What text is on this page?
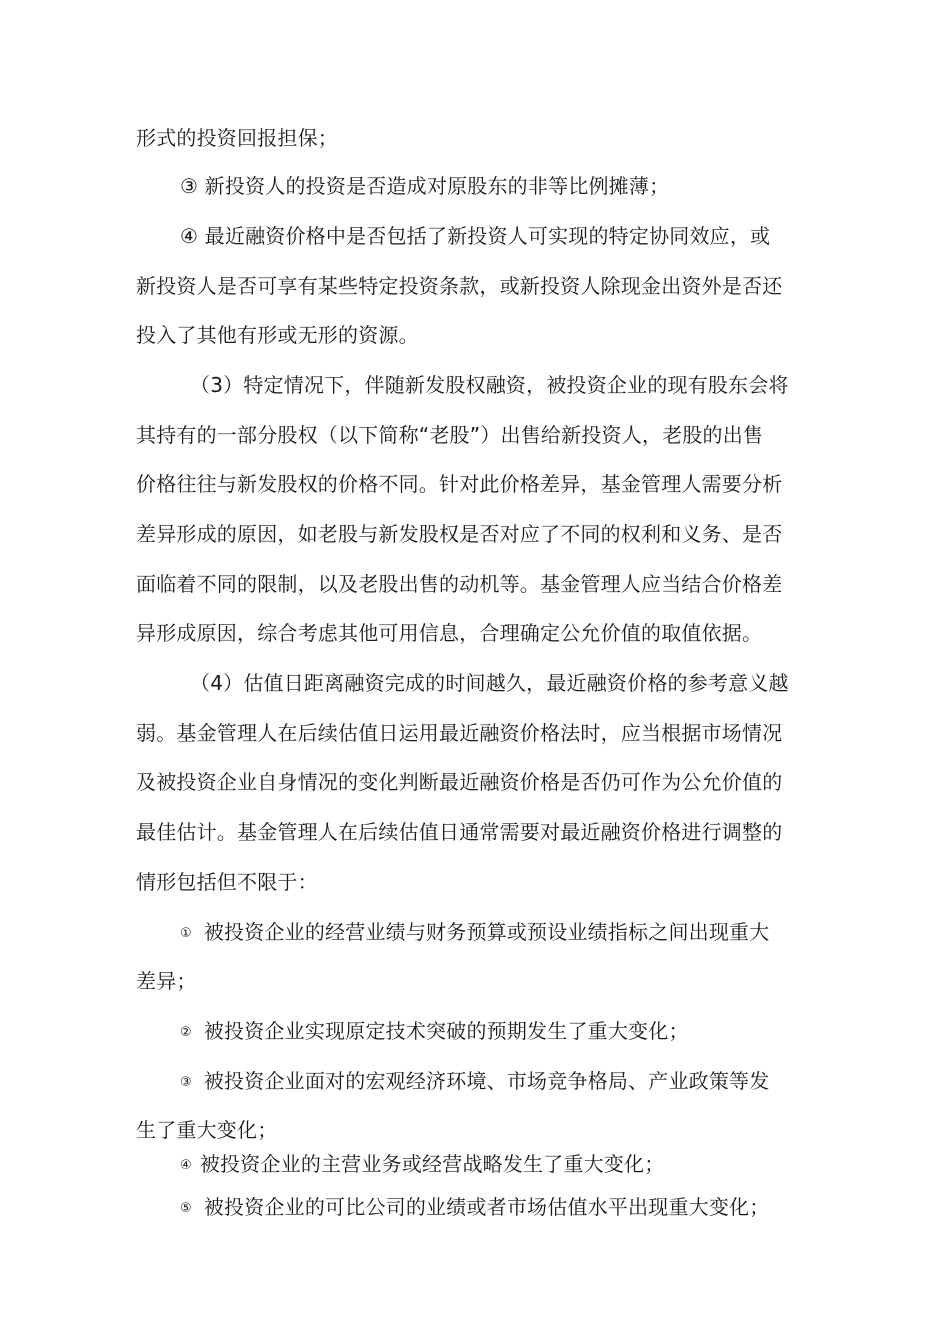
形式的投资回报担保；
③ 新投资人的投资是否造成对原股东的非等比例摊薄；
④ 最近融资价格中是否包括了新投资人可实现的特定协同效应，或
新投资人是否可享有某些特定投资条款，或新投资人除现金出资外是否还
投入了其他有形或无形的资源。
（3）特定情况下，伴随新发股权融资，被投资企业的现有股东会将
其持有的一部分股权（以下简称“老股”）出售给新投资人，老股的出售
价格往往与新发股权的价格不同。针对此价格差异，基金管理人需要分析
差异形成的原因，如老股与新发股权是否对应了不同的权利和义务、是否
面临着不同的限制，以及老股出售的动机等。基金管理人应当结合价格差
异形成原因，综合考虑其他可用信息，合理确定公允价值的取值依据。
（4）估值日距离融资完成的时间越久，最近融资价格的参考意义越
弱。基金管理人在后续估值日运用最近融资价格法时，应当根据市场情况
及被投资企业自身情况的变化判断最近融资价格是否仍可作为公允价值的
最佳估计。基金管理人在后续估值日通常需要对最近融资价格进行调整的
情形包括但不限于：
① 被投资企业的经营业绩与财务预算或预设业绩指标之间出现重大
差异；
② 被投资企业实现原定技术突破的预期发生了重大变化；
③ 被投资企业面对的宏观经济环境、市场竞争格局、产业政策等发
生了重大变化；
④ 被投资企业的主营业务或经营战略发生了重大变化；
⑤ 被投资企业的可比公司的业绩或者市场估值水平出现重大变化；
